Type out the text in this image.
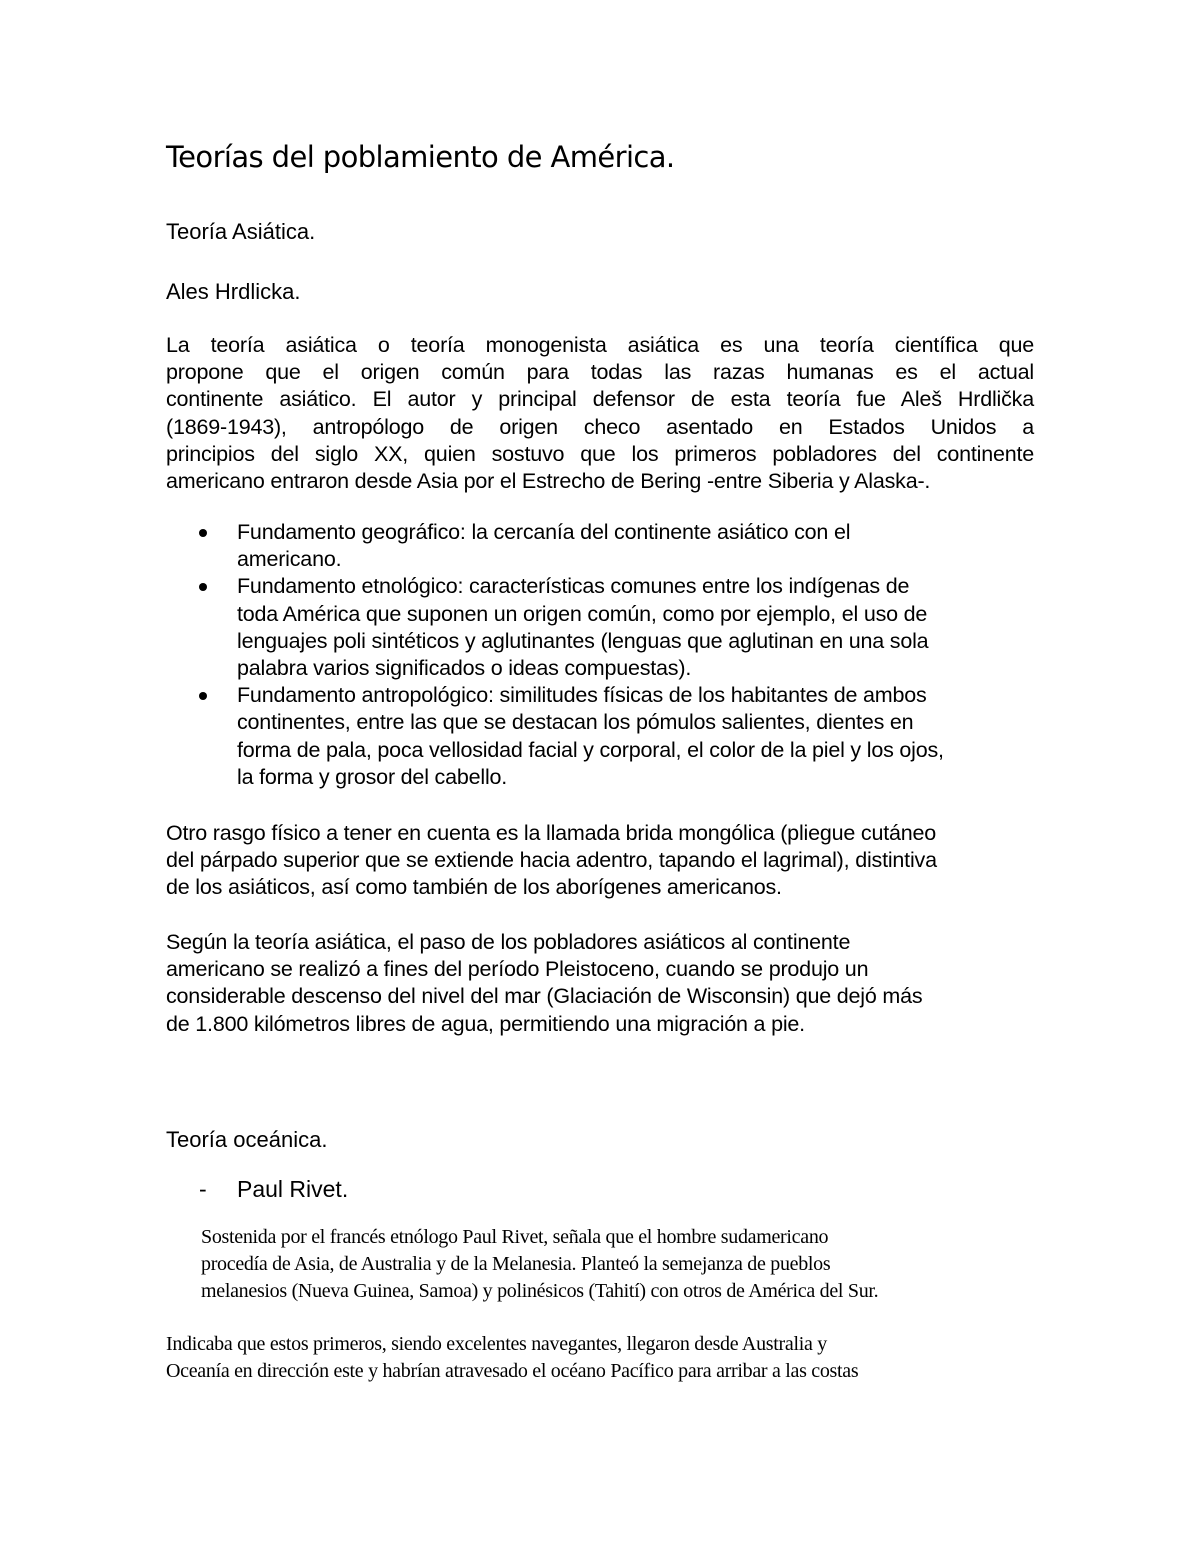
Teorías del poblamiento de América.
Teoría Asiática.
Ales Hrdlicka.
La teoría asiática o teoría monogenista asiática es una teoría científica que
propone que el origen común para todas las razas humanas es el actual
continente asiático. El autor y principal defensor de esta teoría fue Aleš Hrdlička
(1869-1943), antropólogo de origen checo asentado en Estados Unidos a
principios del siglo XX, quien sostuvo que los primeros pobladores del continente
americano entraron desde Asia por el Estrecho de Bering -entre Siberia y Alaska-.
Fundamento geográfico: la cercanía del continente asiático con el
americano.
Fundamento etnológico: características comunes entre los indígenas de
toda América que suponen un origen común, como por ejemplo, el uso de
lenguajes poli sintéticos y aglutinantes (lenguas que aglutinan en una sola
palabra varios significados o ideas compuestas).
Fundamento antropológico: similitudes físicas de los habitantes de ambos
continentes, entre las que se destacan los pómulos salientes, dientes en
forma de pala, poca vellosidad facial y corporal, el color de la piel y los ojos,
la forma y grosor del cabello.
Otro rasgo físico a tener en cuenta es la llamada brida mongólica (pliegue cutáneo
del párpado superior que se extiende hacia adentro, tapando el lagrimal), distintiva
de los asiáticos, así como también de los aborígenes americanos.
Según la teoría asiática, el paso de los pobladores asiáticos al continente
americano se realizó a fines del período Pleistoceno, cuando se produjo un
considerable descenso del nivel del mar (Glaciación de Wisconsin) que dejó más
de 1.800 kilómetros libres de agua, permitiendo una migración a pie.
Teoría oceánica.
- Paul Rivet.
Sostenida por el francés etnólogo Paul Rivet, señala que el hombre sudamericano
procedía de Asia, de Australia y de la Melanesia. Planteó la semejanza de pueblos
melanesios (Nueva Guinea, Samoa) y polinésicos (Tahití) con otros de América del Sur.
Indicaba que estos primeros, siendo excelentes navegantes, llegaron desde Australia y
Oceanía en dirección este y habrían atravesado el océano Pacífico para arribar a las costas
